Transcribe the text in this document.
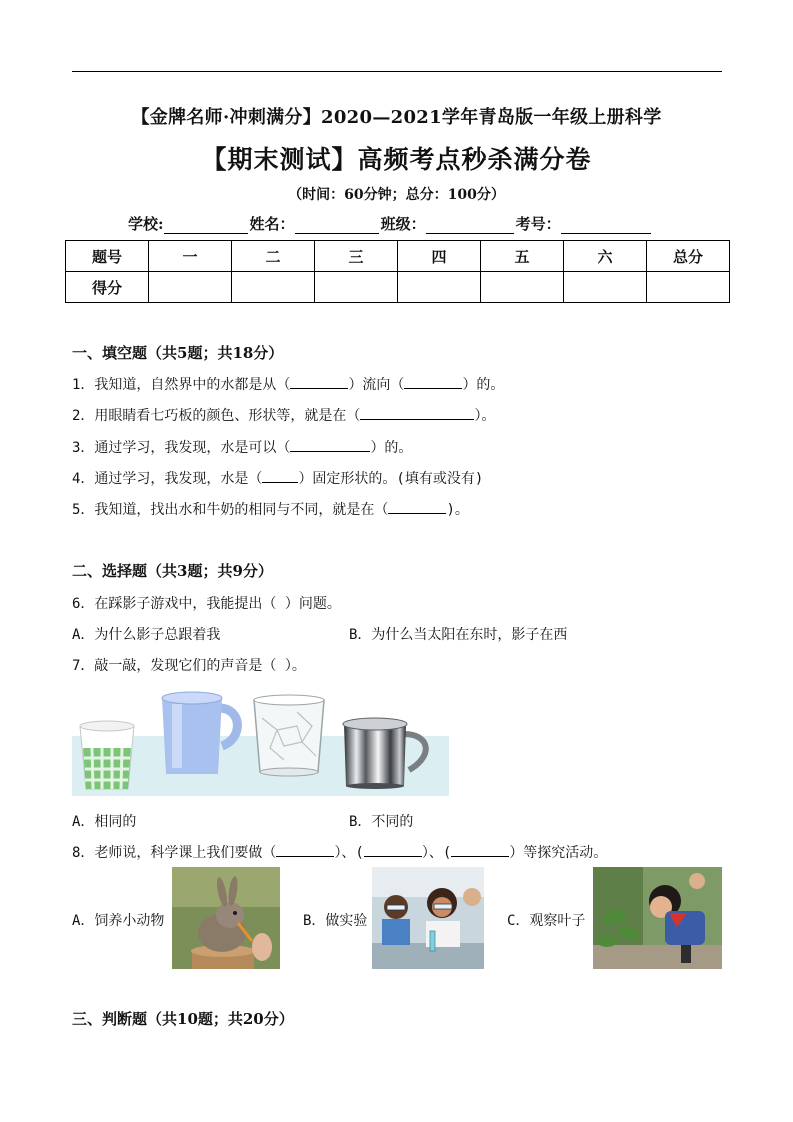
【金牌名师·冲刺满分】2020—2021学年青岛版一年级上册科学
【期末测试】高频考点秒杀满分卷
（时间：60分钟；总分：100分）
学校:	姓名：	班级：	考号：
题号	一	二	三	四	五	六	总分
得分							
一、填空题（共5题；共18分）
1．我知道，自然界中的水都是从（	）流向（	）的。
2．用眼睛看七巧板的颜色、形状等，就是在（	）。
3．通过学习，我发现，水是可以（	）的。
4．通过学习，我发现，水是（	）固定形状的。(填有或没有)
5．我知道，找出水和牛奶的相同与不同，就是在（	)。
二、选择题（共3题；共9分）
6．在踩影子游戏中，我能提出（ ）问题。
A．为什么影子总跟着我	B．为什么当太阳在东时，影子在西
7．敲一敲，发现它们的声音是（ ）。
A．相同的	B．不同的
8．老师说，科学课上我们要做（	）、(	）、(	）等探究活动。
A．饲养小动物	B．做实验	C．观察叶子
三、判断题（共10题；共20分）
